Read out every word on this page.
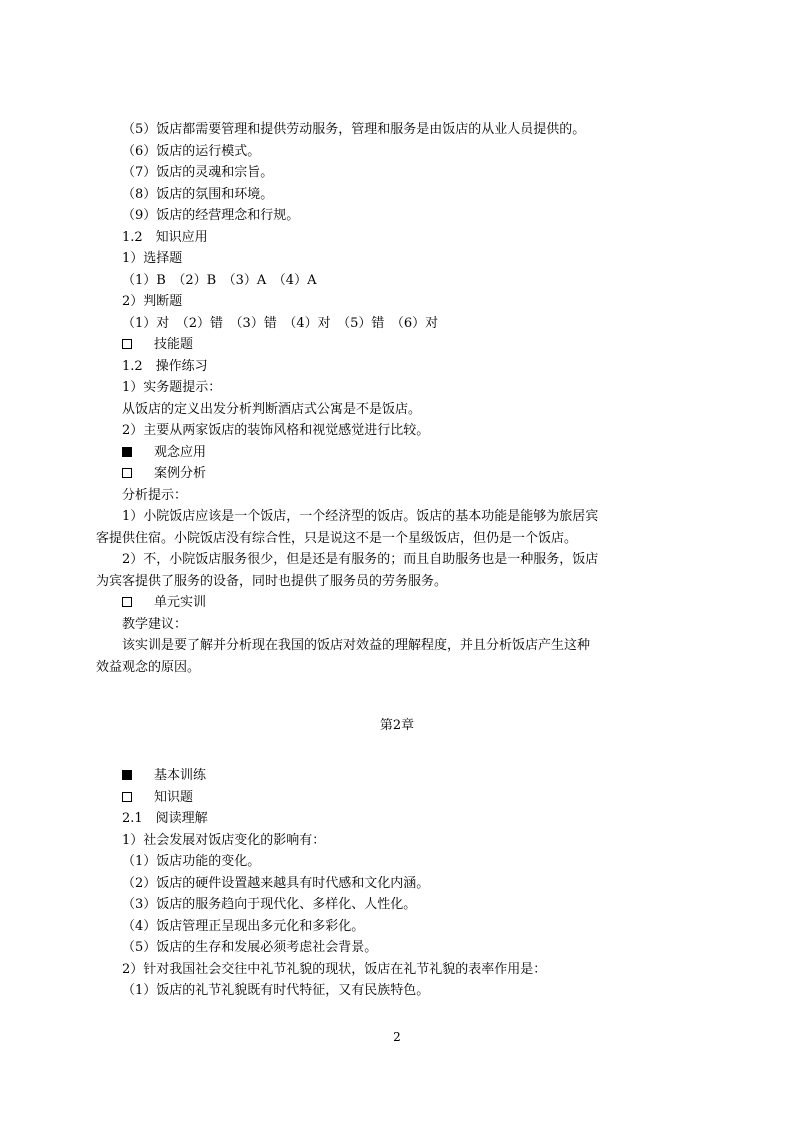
（5）饭店都需要管理和提供劳动服务，管理和服务是由饭店的从业人员提供的。
（6）饭店的运行模式。
（7）饭店的灵魂和宗旨。
（8）饭店的氛围和环境。
（9）饭店的经营理念和行规。
1.2　知识应用
1）选择题
（1）B　（2）B　（3）A　（4）A
2）判断题
（1）对　（2）错　（3）错　（4）对　（5）错　（6）对
技能题
1.2　操作练习
1）实务题提示：
从饭店的定义出发分析判断酒店式公寓是不是饭店。
2）主要从两家饭店的装饰风格和视觉感觉进行比较。
观念应用
案例分析
分析提示：
1）小院饭店应该是一个饭店，一个经济型的饭店。饭店的基本功能是能够为旅居宾
客提供住宿。小院饭店没有综合性，只是说这不是一个星级饭店，但仍是一个饭店。
2）不，小院饭店服务很少，但是还是有服务的；而且自助服务也是一种服务，饭店
为宾客提供了服务的设备，同时也提供了服务员的劳务服务。
单元实训
教学建议：
该实训是要了解并分析现在我国的饭店对效益的理解程度，并且分析饭店产生这种
效益观念的原因。
第2章
基本训练
知识题
2.1　阅读理解
1）社会发展对饭店变化的影响有：
（1）饭店功能的变化。
（2）饭店的硬件设置越来越具有时代感和文化内涵。
（3）饭店的服务趋向于现代化、多样化、人性化。
（4）饭店管理正呈现出多元化和多彩化。
（5）饭店的生存和发展必须考虑社会背景。
2）针对我国社会交往中礼节礼貌的现状，饭店在礼节礼貌的表率作用是：
（1）饭店的礼节礼貌既有时代特征，又有民族特色。
2
